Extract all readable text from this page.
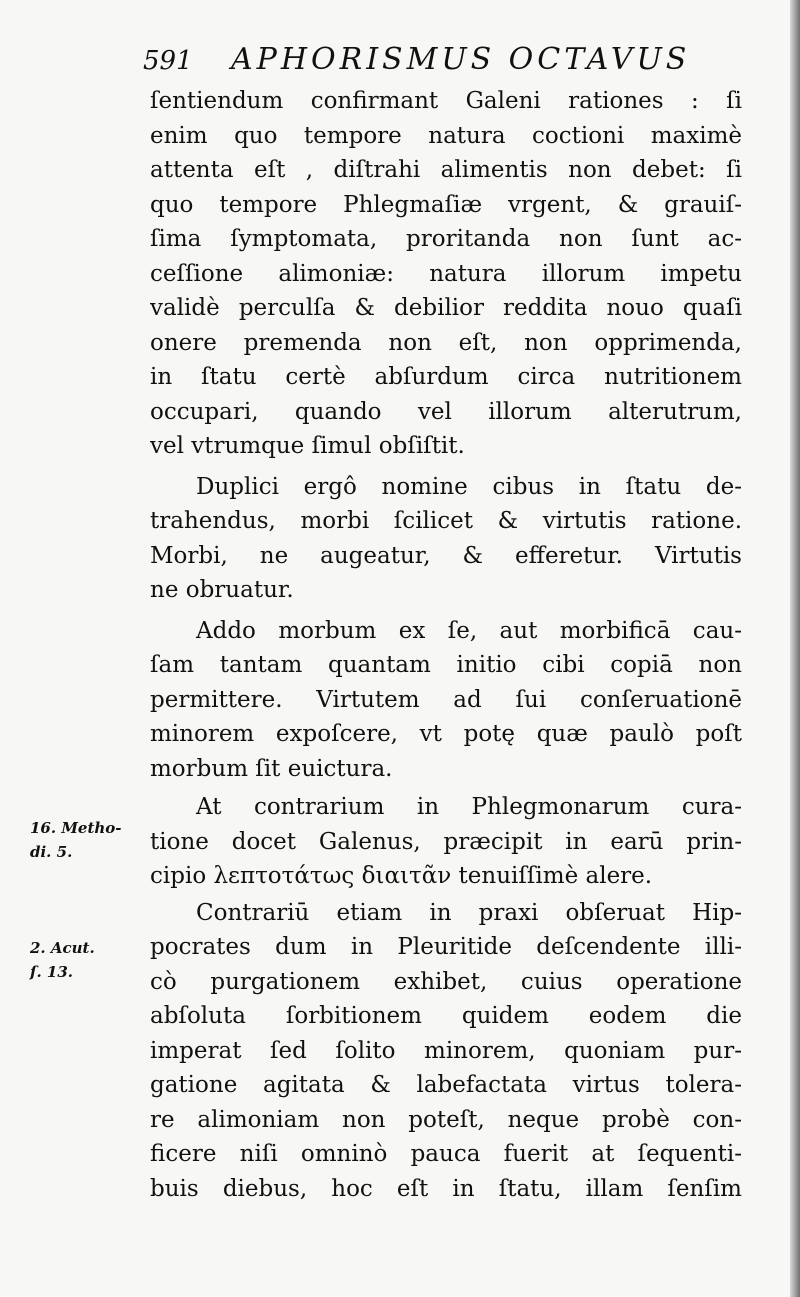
591 APHORISMUS OCTAVUS
ſentiendum confirmant Galeni rationes : ſi
enim quo tempore natura coctioni maximè
attenta eſt , diſtrahi alimentis non debet: ſi
quo tempore Phlegmaſiæ vrgent, & grauiſ-
ſima ſymptomata, proritanda non ſunt ac-
ceſſione alimoniæ: natura illorum impetu
validè perculſa & debilior reddita nouo quaſi
onere premenda non eſt, non opprimenda,
in ſtatu certè abſurdum circa nutritionem
occupari, quando vel illorum alterutrum,
vel vtrumque ſimul obſiſtit.
Duplici ergô nomine cibus in ſtatu de-
trahendus, morbi ſcilicet & virtutis ratione.
Morbi, ne augeatur, & efferetur. Virtutis
ne obruatur.
Addo morbum ex ſe, aut morbificā cau-
ſam tantam quantam initio cibi copiā non
permittere. Virtutem ad ſui conſeruationē
minorem expoſcere, vt potę quæ paulò poſt
morbum ſit euictura.
At contrarium in Phlegmonarum cura-
tione docet Galenus, præcipit in earū prin-
cipio λεπτοτάτως διαιτᾶν tenuiſſimè alere.
Contrariū etiam in praxi obſeruat Hip-
pocrates dum in Pleuritide deſcendente illi-
cò purgationem exhibet, cuius operatione
abſoluta ſorbitionem quidem eodem die
imperat ſed ſolito minorem, quoniam pur-
gatione agitata & labefactata virtus tolera-
re alimoniam non poteſt, neque probè con-
ficere niſi omninò pauca fuerit at ſequenti-
buis diebus, hoc eſt in ſtatu, illam ſenſim
16. Metho-
di. 5.
2. Acut.
ſ. 13.
